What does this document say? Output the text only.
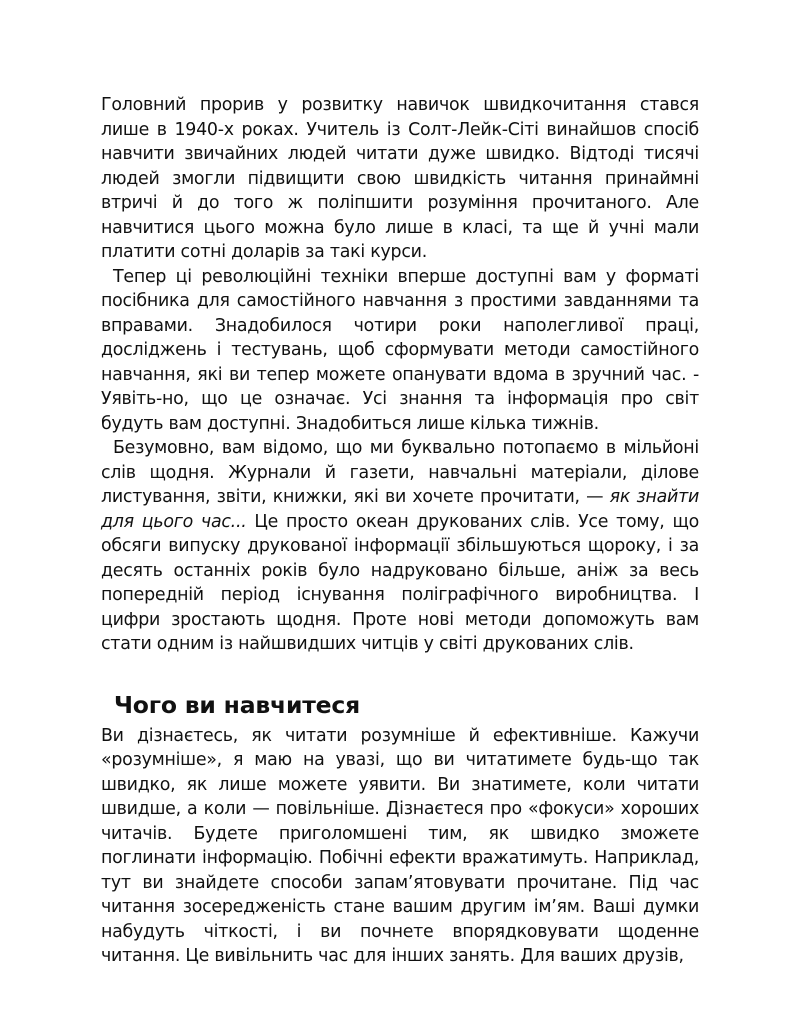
Головний прорив у розвитку навичок швидкочитання стався лише в 1940-х роках. Учитель із Солт-Лейк-Сіті винайшов спосіб навчити звичайних людей читати дуже швидко. Відтоді тисячі людей змогли підвищити свою швидкість читання принаймні втричі й до того ж поліпшити розуміння прочитаного. Але навчитися цього можна було лише в класі, та ще й учні мали платити сотні доларів за такі курси.

Тепер ці революційні техніки вперше доступні вам у форматі посібника для самостійного навчання з простими завданнями та вправами. Знадобилося чотири роки наполегливої праці, досліджень і тестувань, щоб сформувати методи самостійного навчання, які ви тепер можете опанувати вдома в зручний час. - Уявіть-но, що це означає. Усі знання та інформація про світ будуть вам доступні. Знадобиться лише кілька тижнів.

Безумовно, вам відомо, що ми буквально потопаємо в мільйоні слів щодня. Журнали й газети, навчальні матеріали, ділове листування, звіти, книжки, які ви хочете прочитати, — як знайти для цього час... Це просто океан друкованих слів. Усе тому, що обсяги випуску друкованої інформації збільшуються щороку, і за десять останніх років було надруковано більше, аніж за весь попередній період існування поліграфічного виробництва. І цифри зростають щодня. Проте нові методи допоможуть вам стати одним із найшвидших читців у світі друкованих слів.

Чого ви навчитеся

Ви дізнаєтесь, як читати розумніше й ефективніше. Кажучи «розумніше», я маю на увазі, що ви читатимете будь-що так швидко, як лише можете уявити. Ви знатимете, коли читати швидше, а коли — повільніше. Дізнаєтеся про «фокуси» хороших читачів. Будете приголомшені тим, як швидко зможете поглинати інформацію. Побічні ефекти вражатимуть. Наприклад, тут ви знайдете способи запам’ятовувати прочитане. Під час читання зосередженість стане вашим другим ім’ям. Ваші думки набудуть чіткості, і ви почнете впорядковувати щоденне читання. Це вивільнить час для інших занять. Для ваших друзів,
